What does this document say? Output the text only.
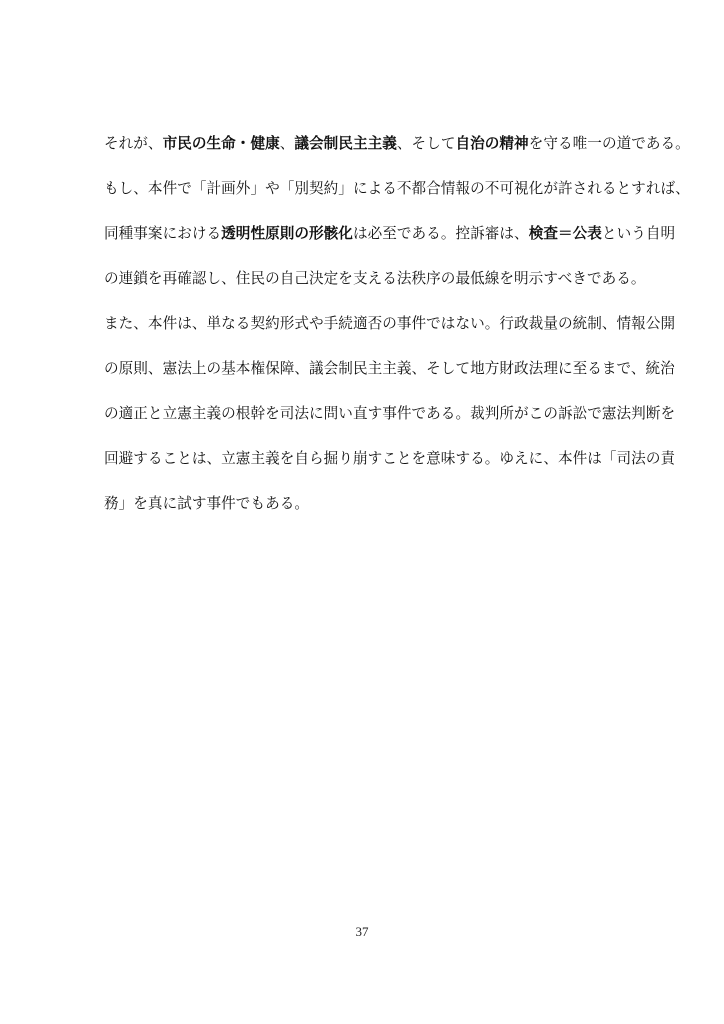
それが、市民の生命・健康、議会制民主主義、そして自治の精神を守る唯一の道である。
もし、本件で「計画外」や「別契約」による不都合情報の不可視化が許されるとすれば、
同種事案における透明性原則の形骸化は必至である。控訴審は、検査＝公表という自明
の連鎖を再確認し、住民の自己決定を支える法秩序の最低線を明示すべきである。
また、本件は、単なる契約形式や手続適否の事件ではない。行政裁量の統制、情報公開
の原則、憲法上の基本権保障、議会制民主主義、そして地方財政法理に至るまで、統治
の適正と立憲主義の根幹を司法に問い直す事件である。裁判所がこの訴訟で憲法判断を
回避することは、立憲主義を自ら掘り崩すことを意味する。ゆえに、本件は「司法の責
務」を真に試す事件でもある。
37
